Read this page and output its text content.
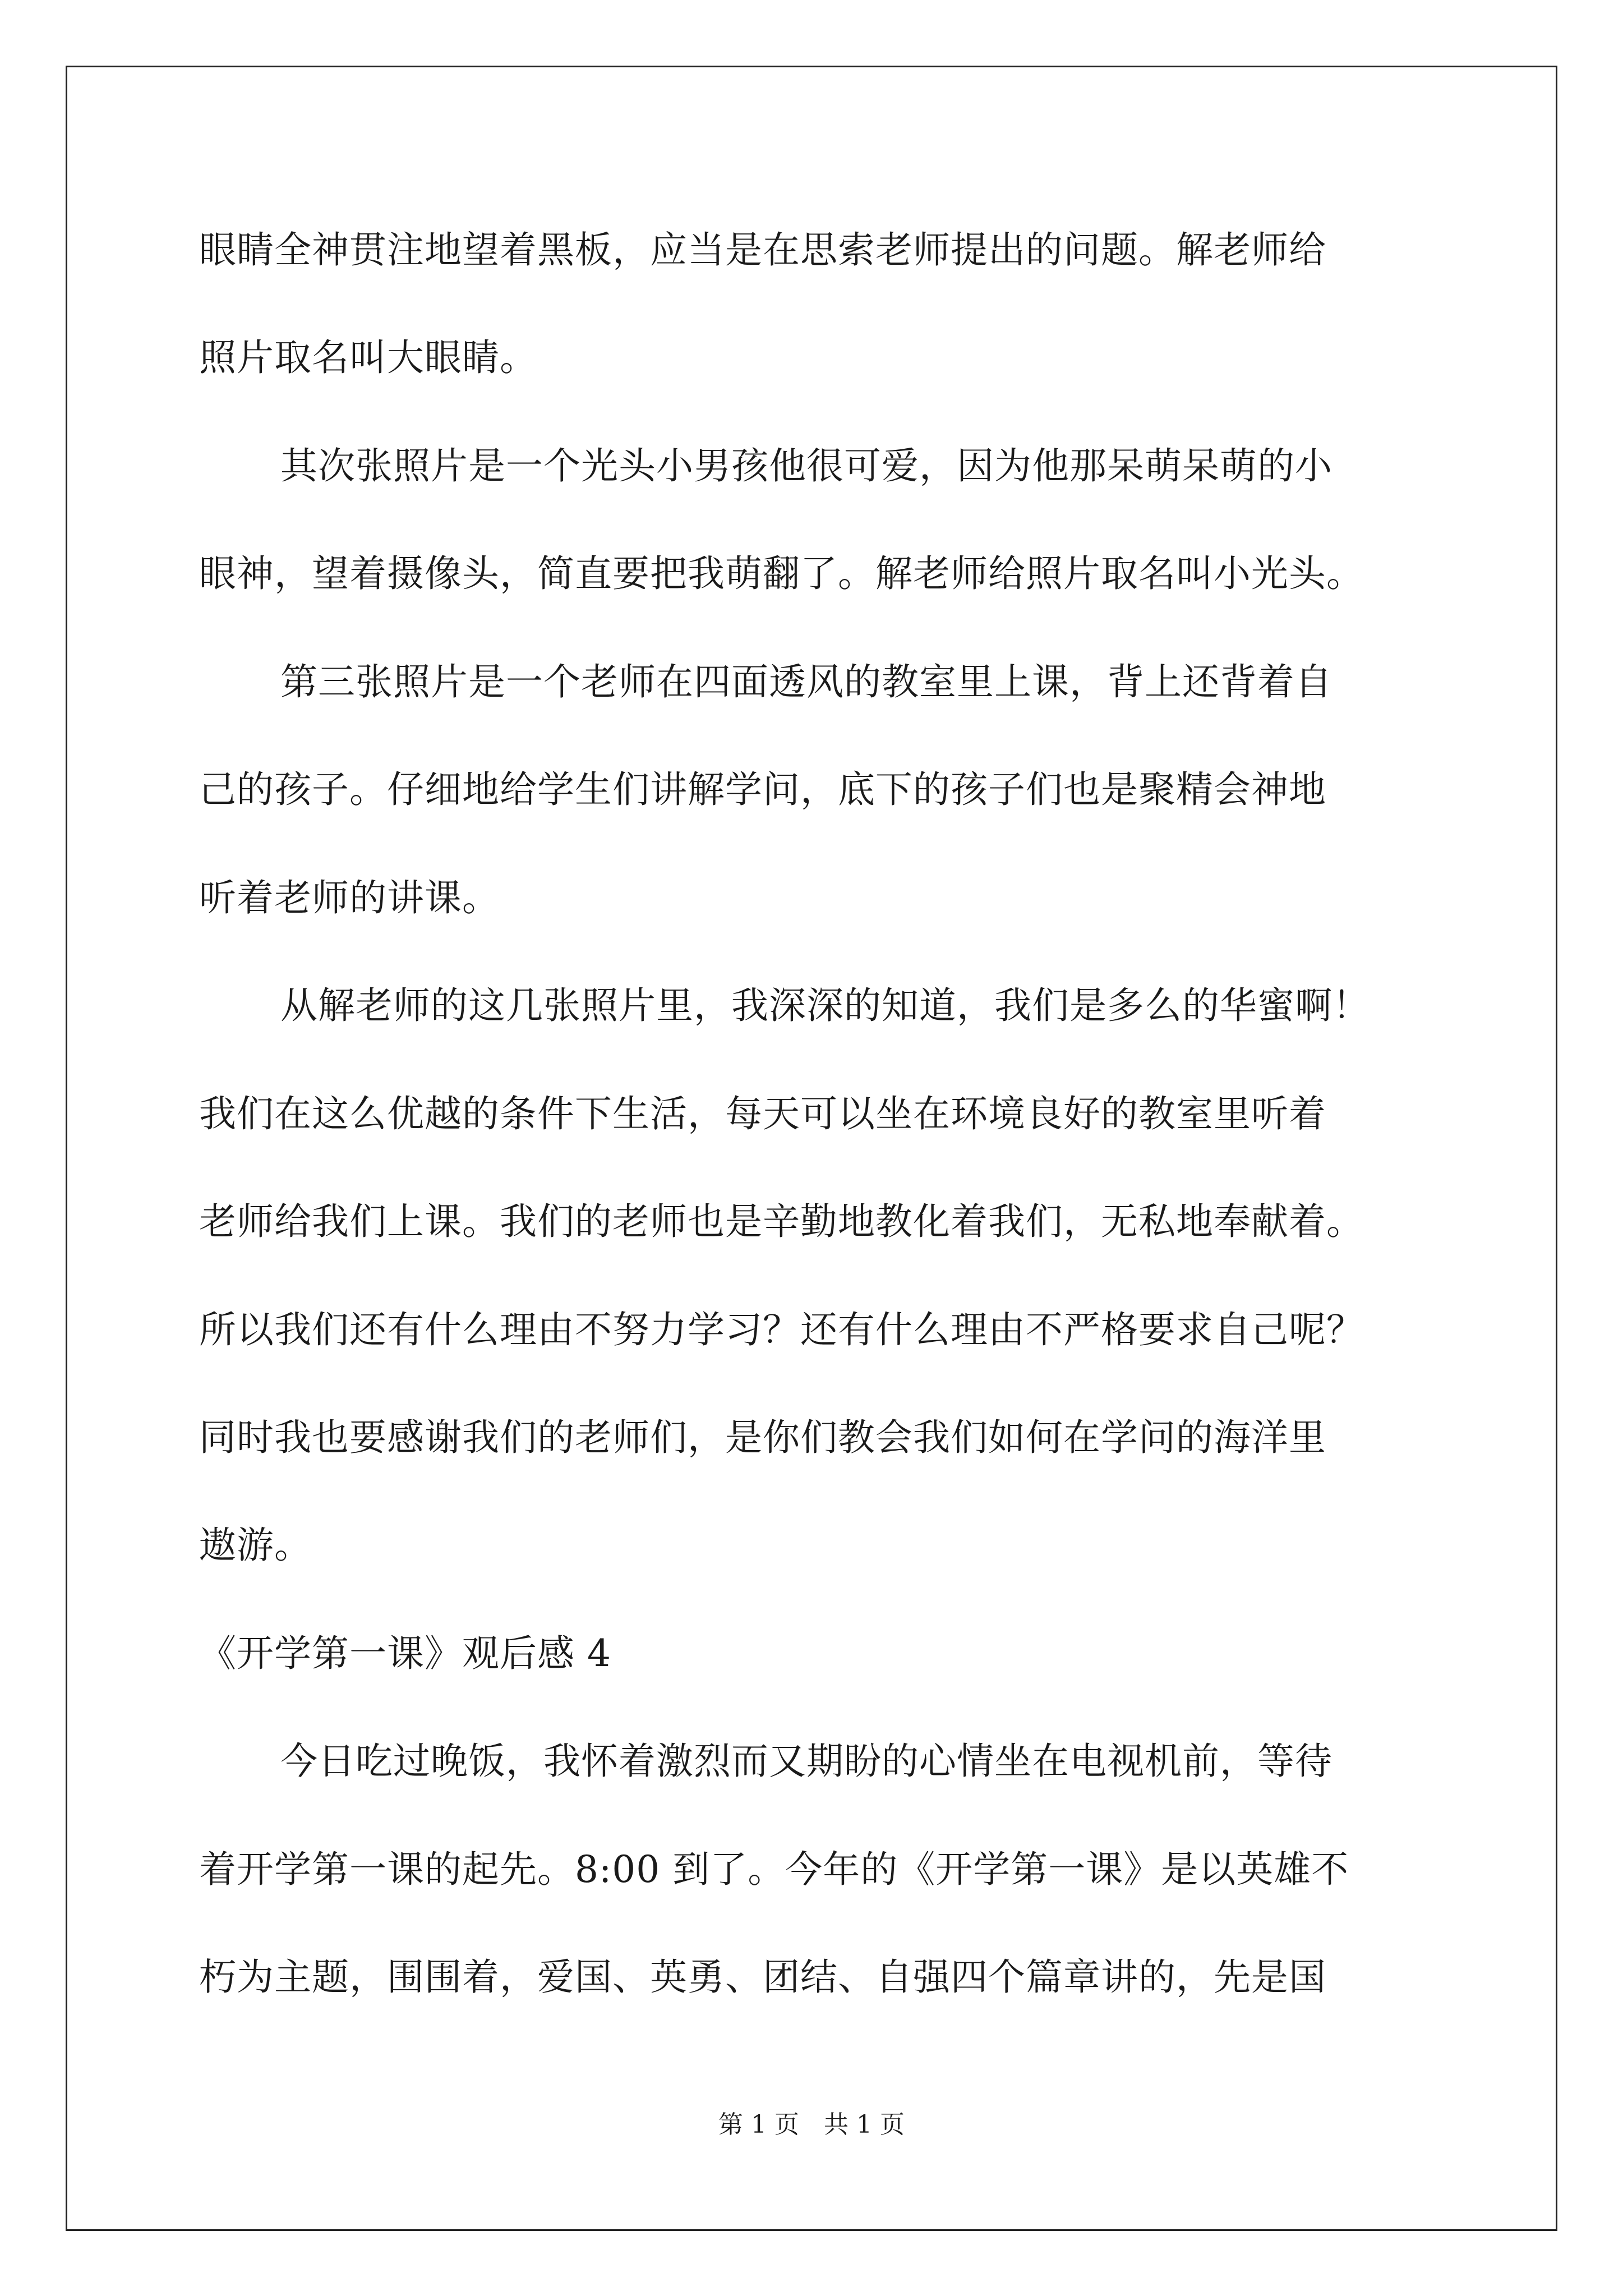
眼睛全神贯注地望着黑板，应当是在思索老师提出的问题。解老师给
照片取名叫大眼睛。
其次张照片是一个光头小男孩他很可爱，因为他那呆萌呆萌的小
眼神，望着摄像头，简直要把我萌翻了。解老师给照片取名叫小光头。
第三张照片是一个老师在四面透风的教室里上课，背上还背着自
己的孩子。仔细地给学生们讲解学问，底下的孩子们也是聚精会神地
听着老师的讲课。
从解老师的这几张照片里，我深深的知道，我们是多么的华蜜啊！
我们在这么优越的条件下生活，每天可以坐在环境良好的教室里听着
老师给我们上课。我们的老师也是辛勤地教化着我们，无私地奉献着。
所以我们还有什么理由不努力学习？还有什么理由不严格要求自己呢？
同时我也要感谢我们的老师们，是你们教会我们如何在学问的海洋里
遨游。
《开学第一课》观后感 4
今日吃过晚饭，我怀着激烈而又期盼的心情坐在电视机前，等待
着开学第一课的起先。8:00 到了。今年的《开学第一课》是以英雄不
朽为主题，围围着，爱国、英勇、团结、自强四个篇章讲的，先是国
第 1 页　共 1 页
